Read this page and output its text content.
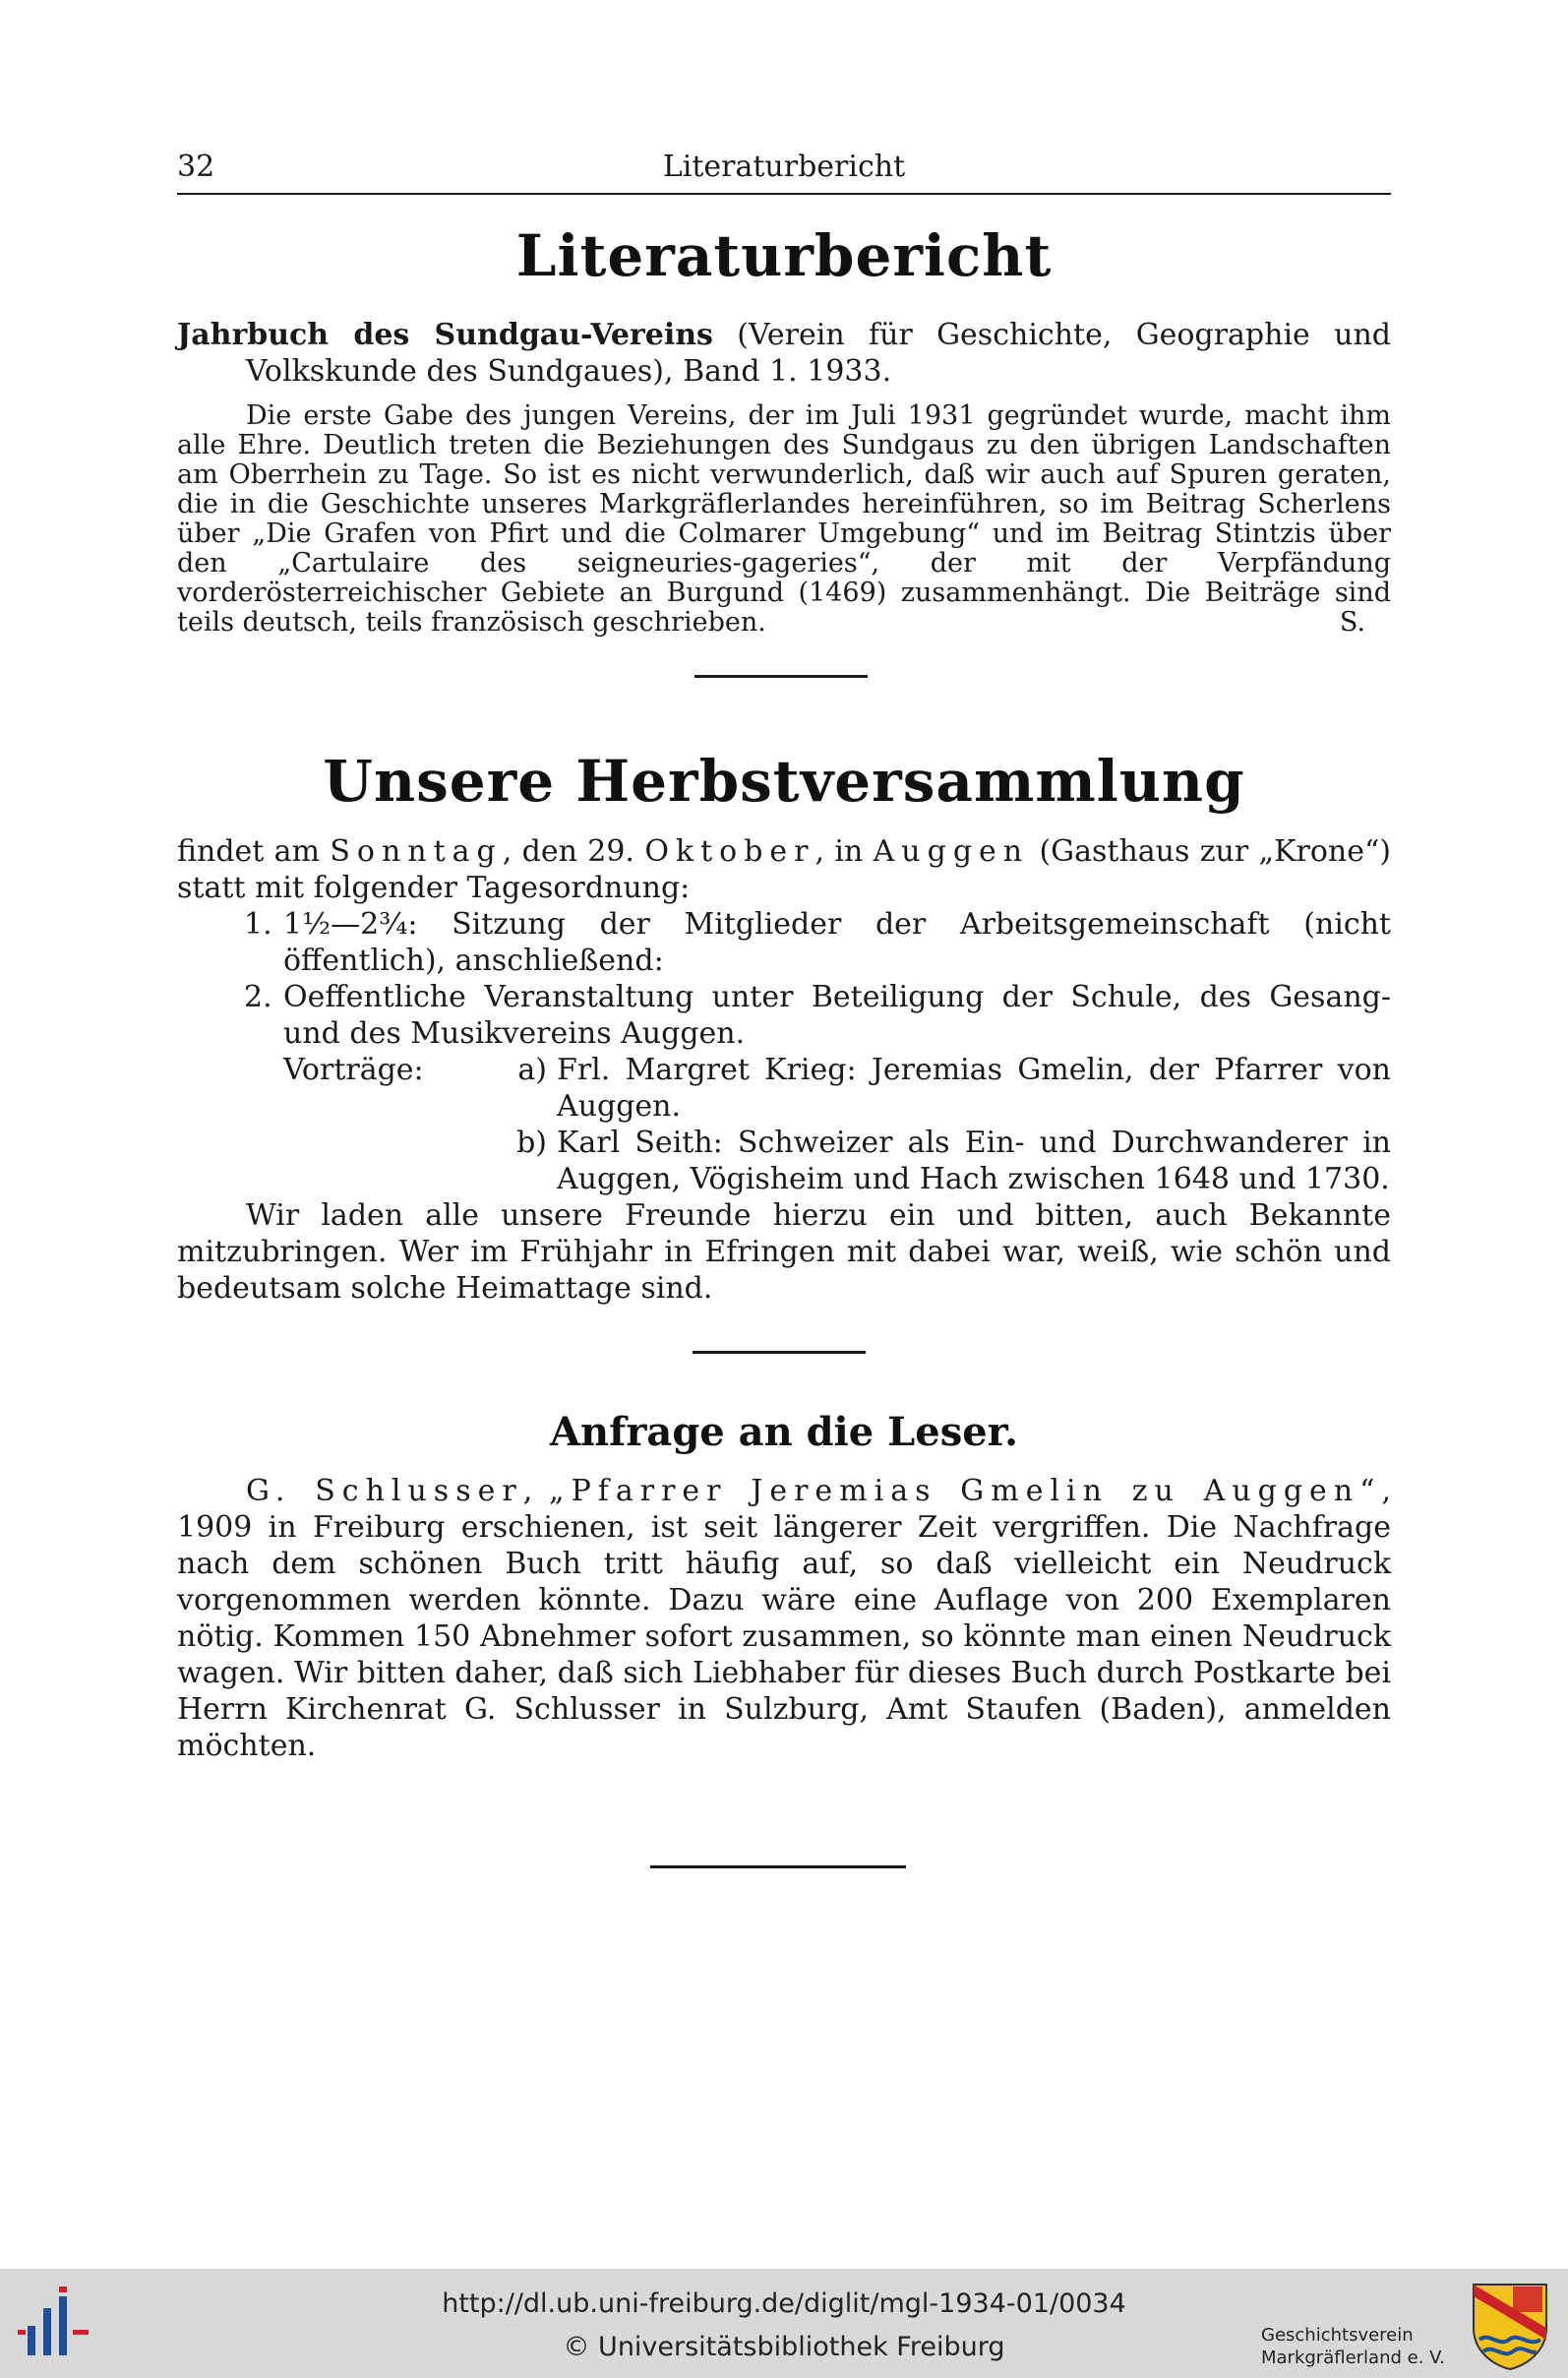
32	Literaturbericht
Literaturbericht

Jahrbuch des Sundgau-Vereins (Verein für Geschichte, Geographie und Volkskunde des Sundgaues), Band 1. 1933.

Die erste Gabe des jungen Vereins, der im Juli 1931 gegründet wurde, macht ihm alle Ehre. Deutlich treten die Beziehungen des Sundgaus zu den übrigen Landschaften am Oberrhein zu Tage. So ist es nicht verwunderlich, daß wir auch auf Spuren geraten, die in die Geschichte unseres Markgräflerlandes hereinführen, so im Beitrag Scherlens über „Die Grafen von Pfirt und die Colmarer Umgebung“ und im Beitrag Stintzis über den „Cartulaire des seigneuries-gageries“, der mit der Verpfändung vorderösterreichischer Gebiete an Burgund (1469) zusammenhängt. Die Beiträge sind teils deutsch, teils französisch geschrieben.	S.
Unsere Herbstversammlung

findet am Sonntag, den 29. Oktober, in Auggen (Gasthaus zur „Krone“) statt mit folgender Tagesordnung:

1. 1½—2¾: Sitzung der Mitglieder der Arbeitsgemeinschaft (nicht öffentlich), anschließend:
2. Oeffentliche Veranstaltung unter Beteiligung der Schule, des Gesang- und des Musikvereins Auggen.
Vorträge:	a) Frl. Margret Krieg: Jeremias Gmelin, der Pfarrer von Auggen.
b) Karl Seith: Schweizer als Ein- und Durchwanderer in Auggen, Vögisheim und Hach zwischen 1648 und 1730.

Wir laden alle unsere Freunde hierzu ein und bitten, auch Bekannte mitzubringen. Wer im Frühjahr in Efringen mit dabei war, weiß, wie schön und bedeutsam solche Heimattage sind.

Anfrage an die Leser.

G. Schlusser, „Pfarrer Jeremias Gmelin zu Auggen“, 1909 in Freiburg erschienen, ist seit längerer Zeit vergriffen. Die Nachfrage nach dem schönen Buch tritt häufig auf, so daß vielleicht ein Neudruck vorgenommen werden könnte. Dazu wäre eine Auflage von 200 Exemplaren nötig. Kommen 150 Abnehmer sofort zusammen, so könnte man einen Neudruck wagen. Wir bitten daher, daß sich Liebhaber für dieses Buch durch Postkarte bei Herrn Kirchenrat G. Schlusser in Sulzburg, Amt Staufen (Baden), anmelden möchten.

http://dl.ub.uni-freiburg.de/diglit/mgl-1934-01/0034
© Universitätsbibliothek Freiburg	Geschichtsverein
Markgräflerland e. V.
